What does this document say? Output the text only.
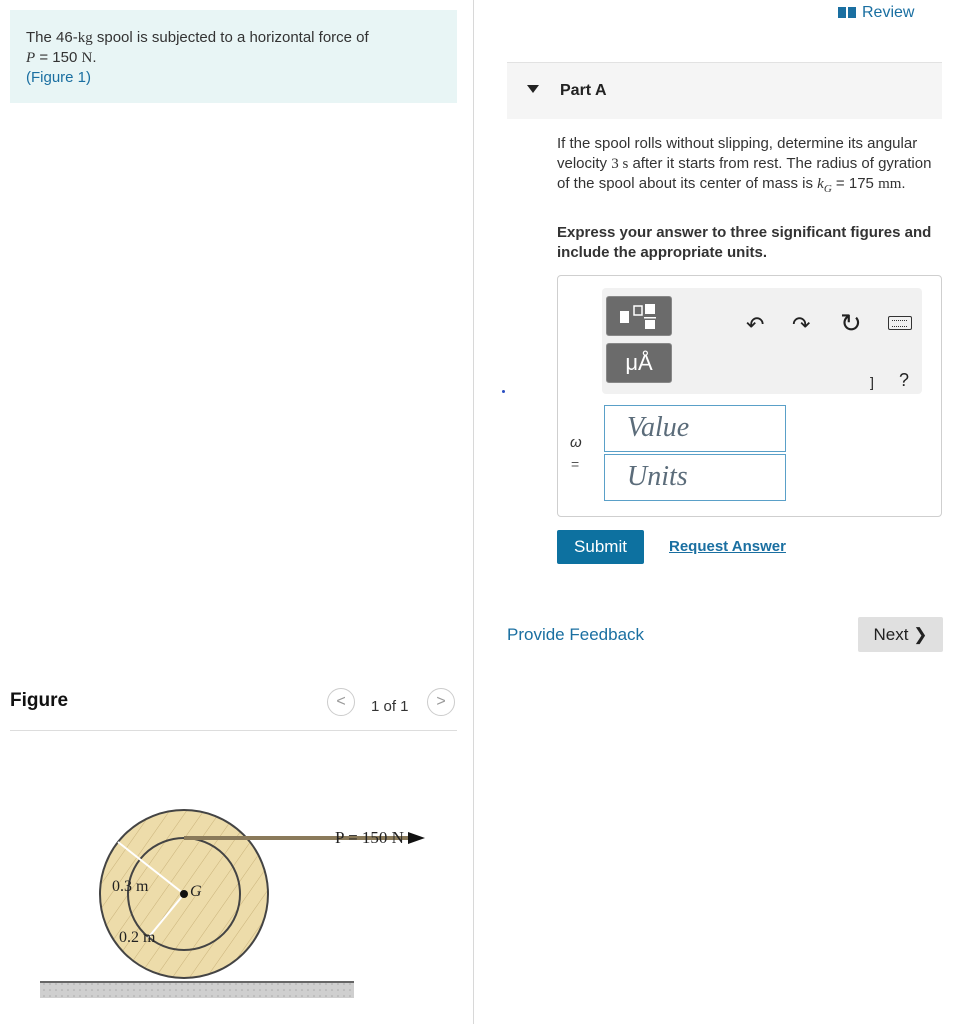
The 46-kg spool is subjected to a horizontal force of
P = 150 N.
(Figure 1)
Figure	<	1 of 1	>
P = 150 N
0.3 m	G
0.2 m
Review
Part A
If the spool rolls without slipping, determine its angular velocity 3 s after it starts from rest. The radius of gyration of the spool about its center of mass is $k_G = 175$ mm.
Express your answer to three significant figures and include the appropriate units.
μÅ
↶ ↷ ↻
] ?
ω
=
Value
Units
Submit	Request Answer
Provide Feedback	Next ❯
